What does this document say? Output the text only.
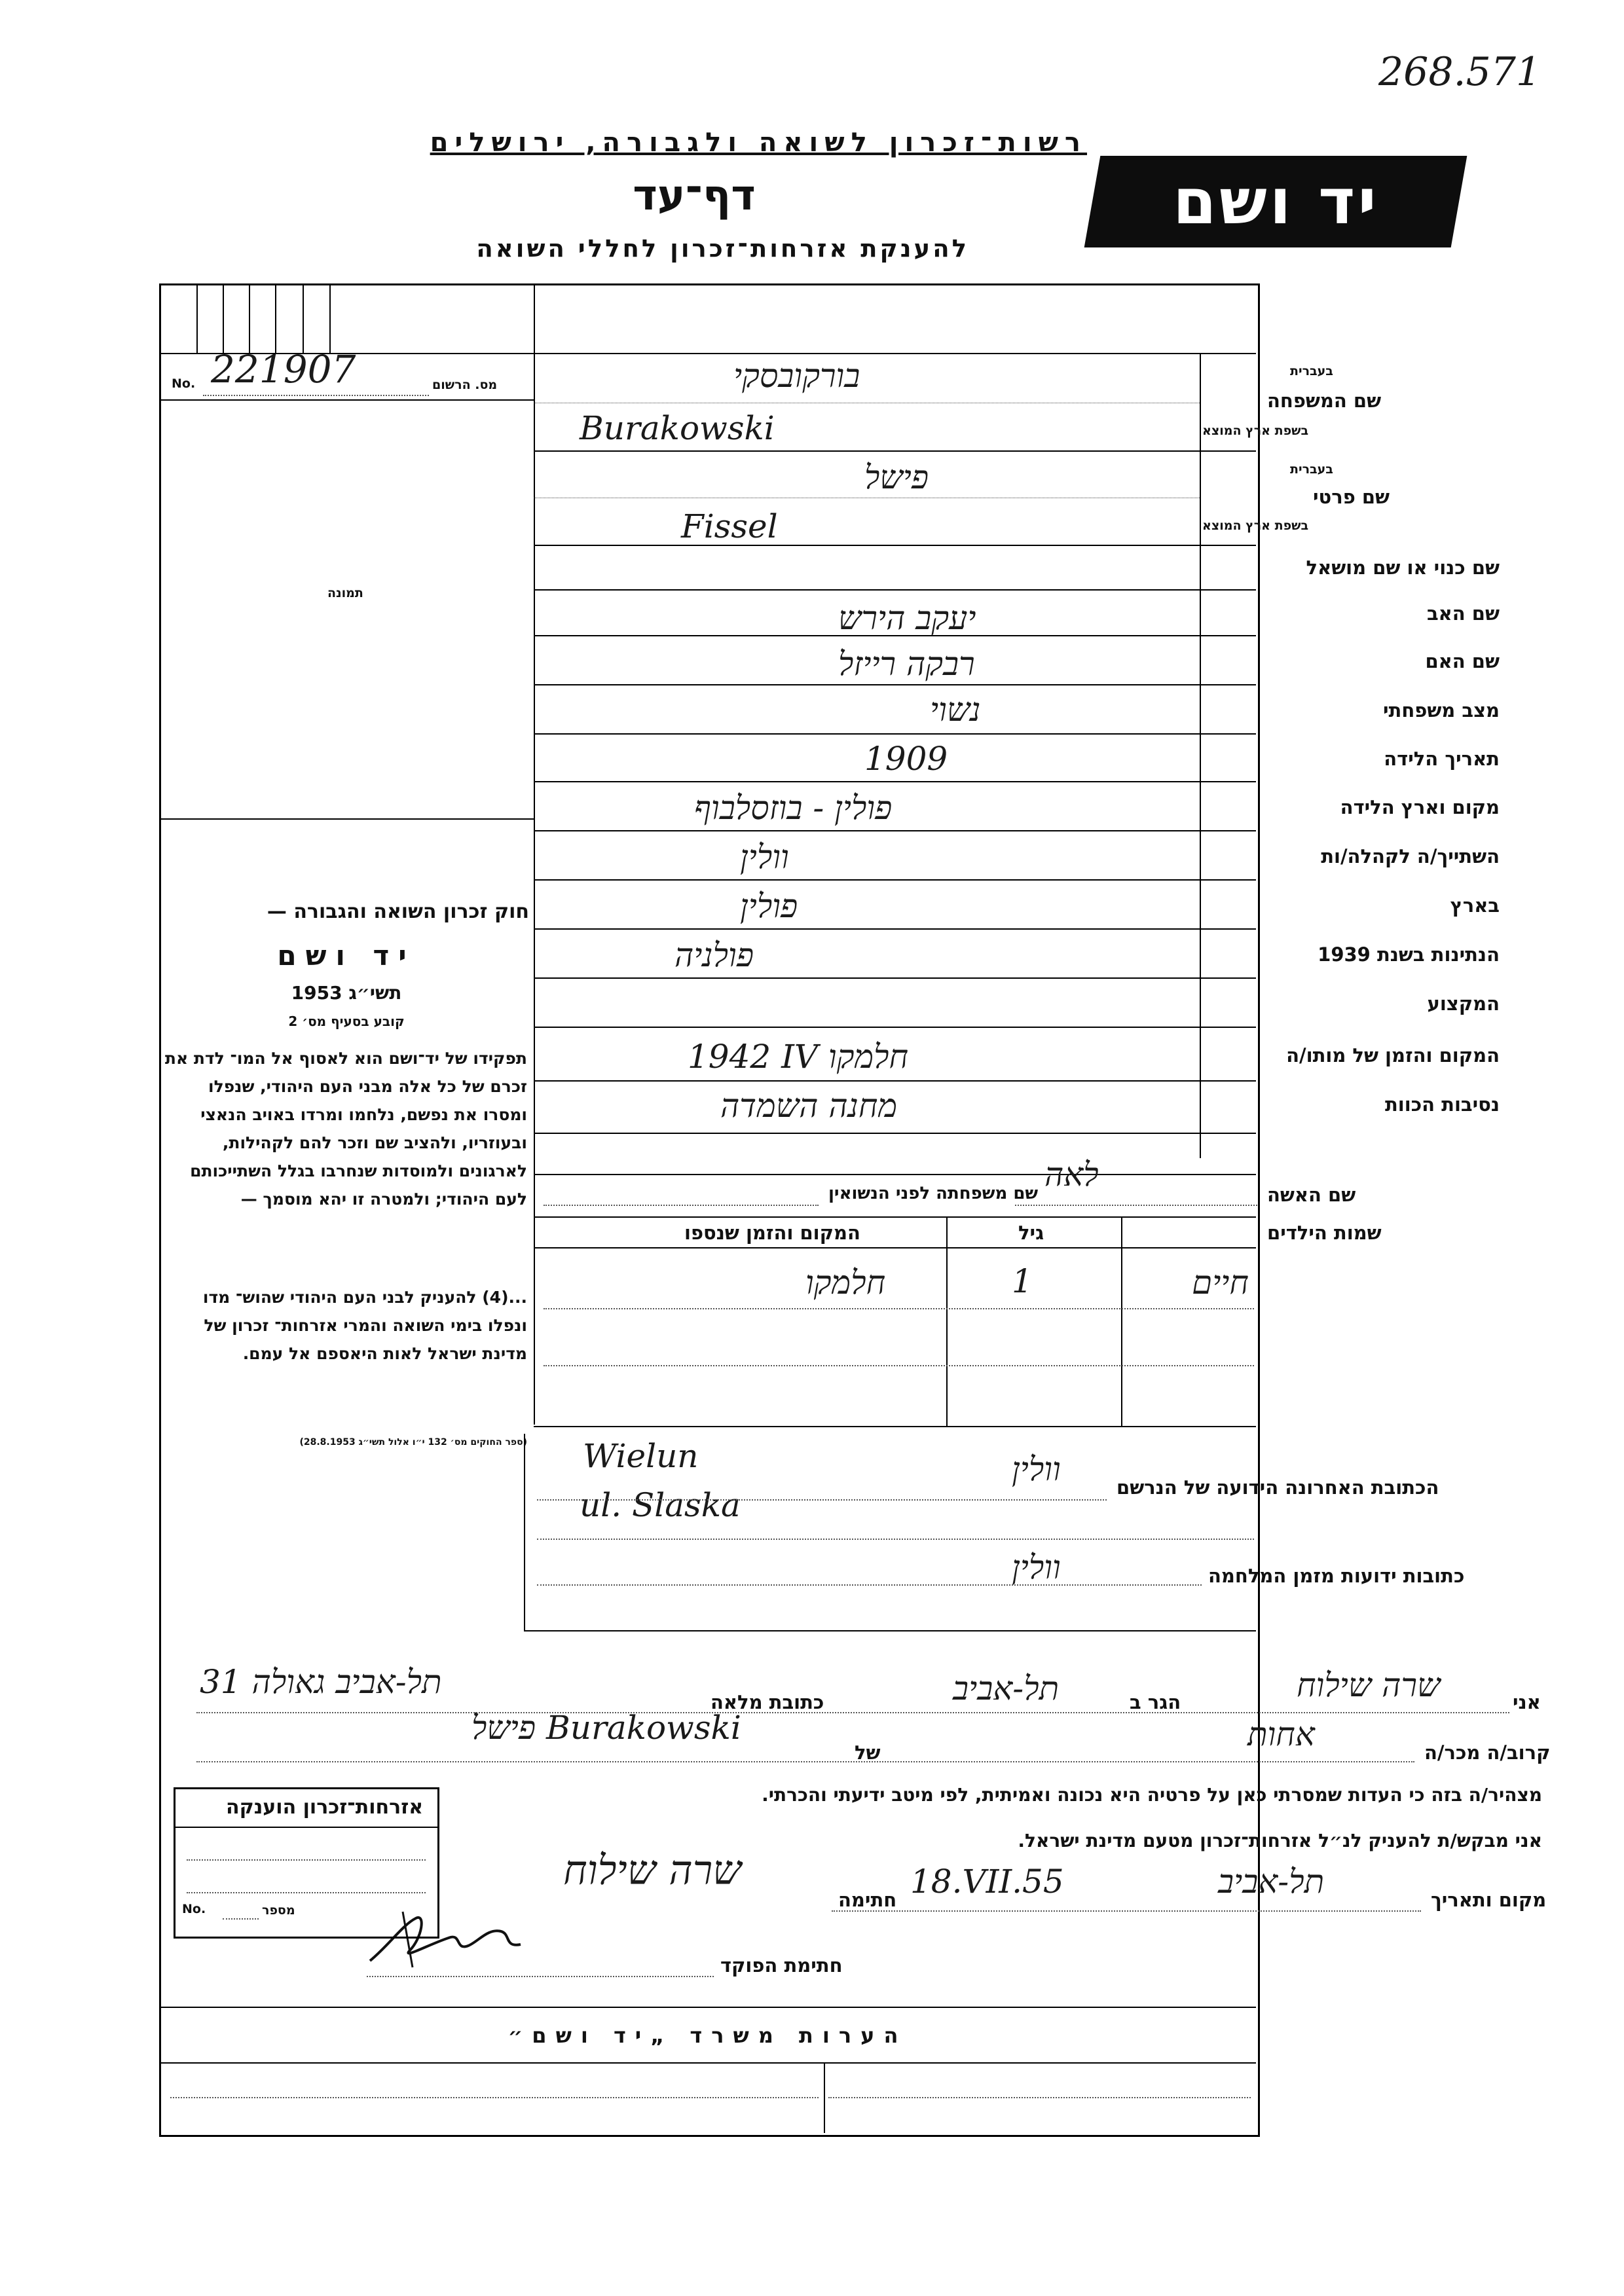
268.571
רשות־זכרון לשואה ולגבורה, ירושלים
דף־עד
להענקת אזרחות־זכרון לחללי השואה
יד ושם
No. 221907	מס. הרשום
תמונה
שם המשפחה
בעברית
בשפת ארץ המוצא
בורקובסקי
Burakowski
שם פרטי
בעברית
בשפת ארץ המוצא
פישל
Fissel
שם כנוי או שם מושאל
שם האב
יעקב הירש
שם האם
רבקה רייזל
מצב משפחתי
נשוי
תאריך הלידה
1909
מקום וארץ הלידה
פולין - בוזסלבוף
השתייך/ה לקהלה/ות
וולין
בארץ
פולין
הנתינות בשנת 1939
פולניה
המקצוע
המקום והזמן של מותו/ה
1942 IV חלמקו
נסיבות הכוות
מחנה השמדה
שם האשה
לאה
שם משפחתה לפני הנשואין
שמות הילדים
גיל
המקום והזמן שנספו
חיים
1
חלמקו
חוק זכרון השואה והגבורה —
יד ושם
תשי״ג 1953
קובע בסעיף מס׳ 2
תפקידו של יד־ושם הוא לאסוף אל המו־ לדת את זכרם של כל אלה מבני העם היהודי, שנפלו ומסרו את נפשם, נלחמו ומרדו באויב הנאצי ובעוזריו, ולהציב שם וזכר להם לקהילות, לארגונים ולמוסדות שנחרבו בגלל השתייכותם לעם היהודי; ולמטרה זו יהא מוסמך —
...(4) להעניק לבני העם היהודי שהוש־ מדו ונפלו בימי השואה והמרי אזרחות־ זכרון של מדינת ישראל לאות היאספם אל עמם.
(ספר החוקים מס׳ 132 י״ו אלול תשי״ג 28.8.1953)
הכתובת האחרונה הידועה של הנרשם
Wielun
ul. Slaska
וולין
כתובות ידועות מזמן המלחמה
וולין
אני
שרה שילוח
הגר ב
תל-אביב
כתובת מלאה
תל-אביב גאולה 31
קרוב/ה מכר/ה
אחות
של
פישל Burakowski
מצהיר/ה בזה כי העדות שמסרתי כאן על פרטיה היא נכונה ואמיתית, לפי מיטב ידיעתי והכרתי.
אני מבקש/ת להעניק לנ״ל אזרחות־זכרון מטעם מדינת ישראל.
מקום ותאריך
תל-אביב
18.VII.55
חתימה
שרה שילוח
חתימת הפוקד
אזרחות־זכרון הוענקה
No.	מספר
הערות משרד „יד ושם״
